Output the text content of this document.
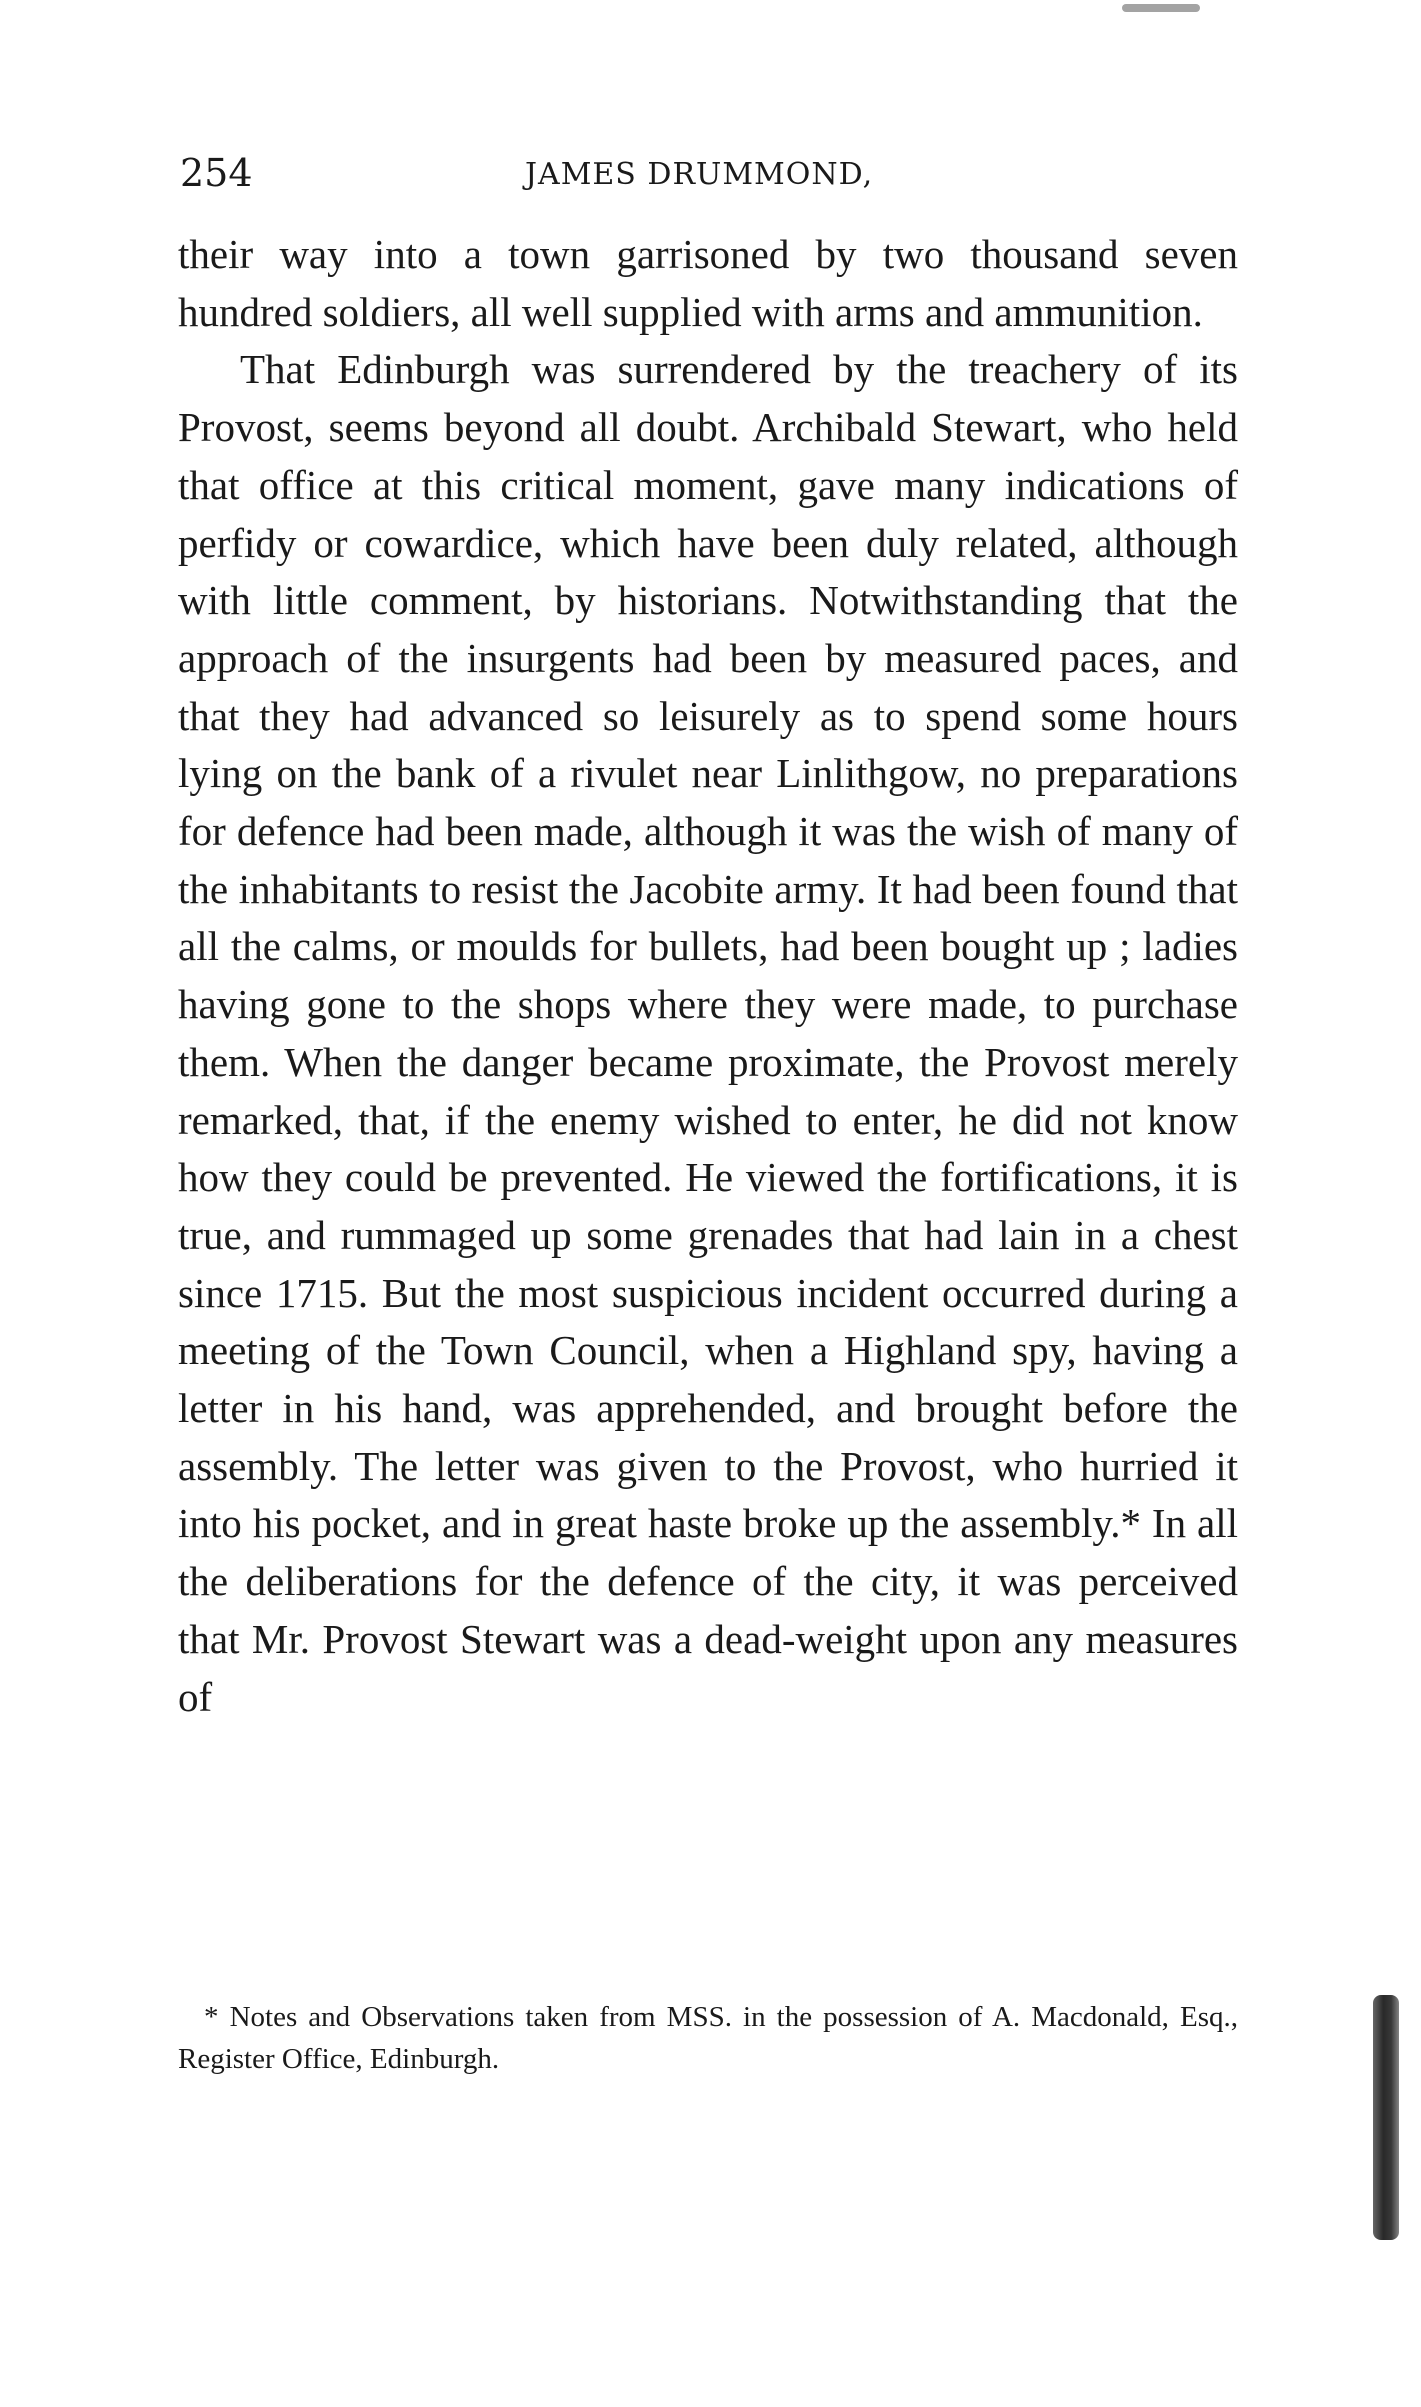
254	JAMES DRUMMOND,

their way into a town garrisoned by two thousand seven hundred soldiers, all well supplied with arms and ammunition.

That Edinburgh was surrendered by the treachery of its Provost, seems beyond all doubt. Archibald Stewart, who held that office at this critical moment, gave many indications of perfidy or cowardice, which have been duly related, although with little comment, by historians. Notwithstanding that the approach of the insurgents had been by measured paces, and that they had advanced so leisurely as to spend some hours lying on the bank of a rivulet near Linlithgow, no preparations for defence had been made, although it was the wish of many of the inhabitants to resist the Jacobite army. It had been found that all the calms, or moulds for bullets, had been bought up ; ladies having gone to the shops where they were made, to purchase them. When the danger became proximate, the Provost merely remarked, that, if the enemy wished to enter, he did not know how they could be prevented. He viewed the fortifications, it is true, and rummaged up some grenades that had lain in a chest since 1715. But the most suspicious incident occurred during a meeting of the Town Council, when a Highland spy, having a letter in his hand, was apprehended, and brought before the assembly. The letter was given to the Provost, who hurried it into his pocket, and in great haste broke up the assembly.* In all the deliberations for the defence of the city, it was perceived that Mr. Provost Stewart was a dead-weight upon any measures of

* Notes and Observations taken from MSS. in the possession of A. Macdonald, Esq., Register Office, Edinburgh.
